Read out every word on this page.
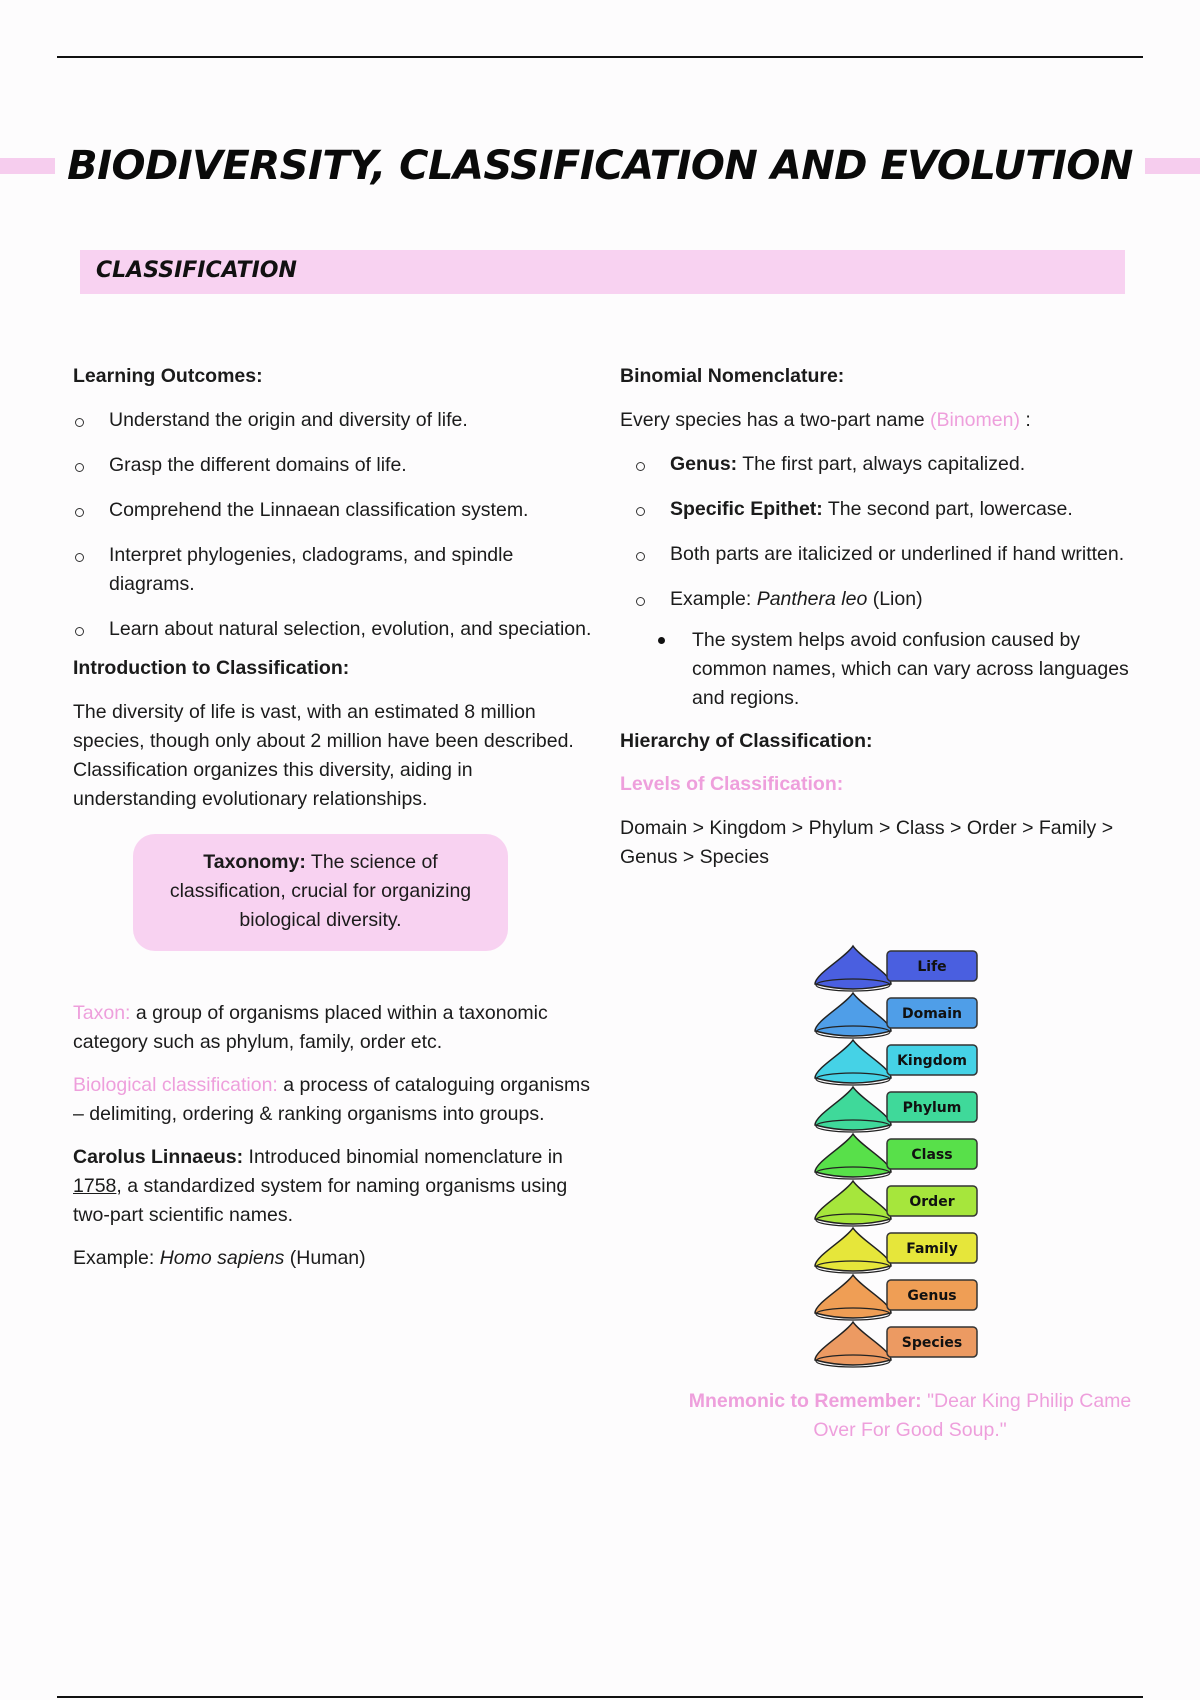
BIODIVERSITY, CLASSIFICATION AND EVOLUTION
CLASSIFICATION
Learning Outcomes:
Understand the origin and diversity of life.
Grasp the different domains of life.
Comprehend the Linnaean classification system.
Interpret phylogenies, cladograms, and spindle diagrams.
Learn about natural selection, evolution, and speciation.
Introduction to Classification:
The diversity of life is vast, with an estimated 8 million species, though only about 2 million have been described. Classification organizes this diversity, aiding in understanding evolutionary relationships.
Taxonomy: The science of classification, crucial for organizing biological diversity.
Taxon: a group of organisms placed within a taxonomic category such as phylum, family, order etc.
Biological classification: a process of cataloguing organisms – delimiting, ordering & ranking organisms into groups.
Carolus Linnaeus: Introduced binomial nomenclature in 1758, a standardized system for naming organisms using two-part scientific names.
Example: Homo sapiens (Human)
Binomial Nomenclature:
Every species has a two-part name (Binomen) :
Genus: The first part, always capitalized.
Specific Epithet: The second part, lowercase.
Both parts are italicized or underlined if hand written.
Example: Panthera leo (Lion)
The system helps avoid confusion caused by common names, which can vary across languages and regions.
Hierarchy of Classification:
Levels of Classification:
Domain > Kingdom > Phylum > Class > Order > Family > Genus > Species
Life
Domain
Kingdom
Phylum
Class
Order
Family
Genus
Species
Mnemonic to Remember: "Dear King Philip Came Over For Good Soup."
